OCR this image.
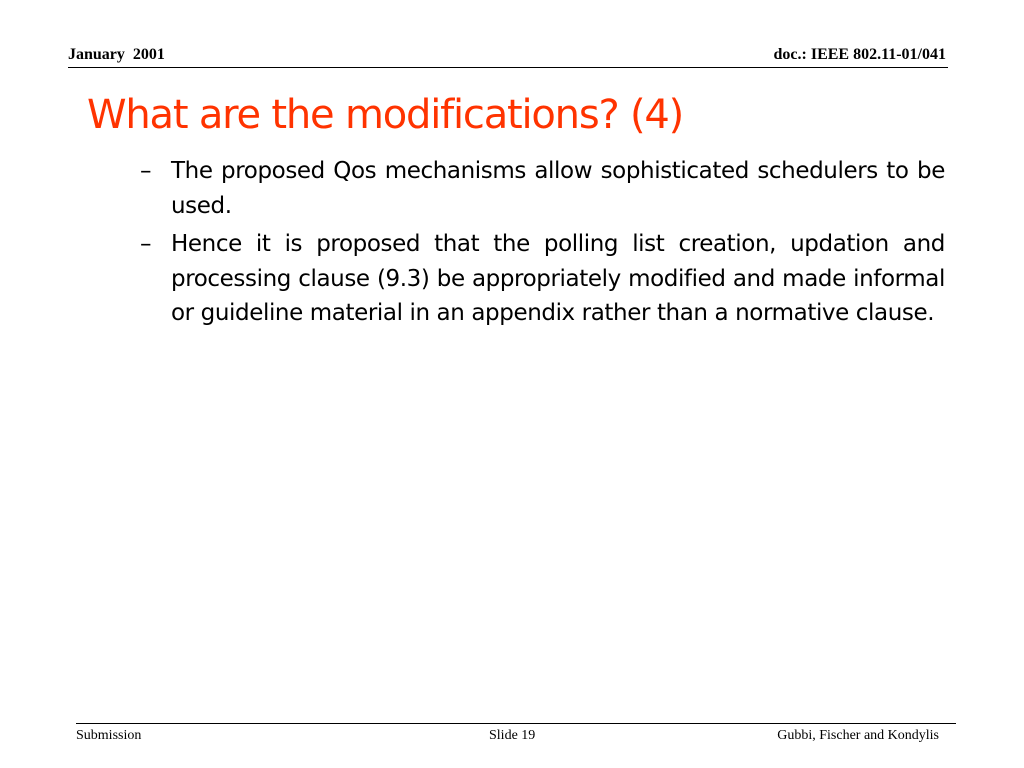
January  2001	doc.: IEEE 802.11-01/041
What are the modifications? (4)
– The proposed Qos mechanisms allow sophisticated schedulers to be used.
– Hence it is proposed that the polling list creation, updation and processing clause (9.3) be appropriately modified and made informal or guideline material in an appendix rather than a normative clause.
Submission	Slide 19	Gubbi, Fischer and Kondylis
